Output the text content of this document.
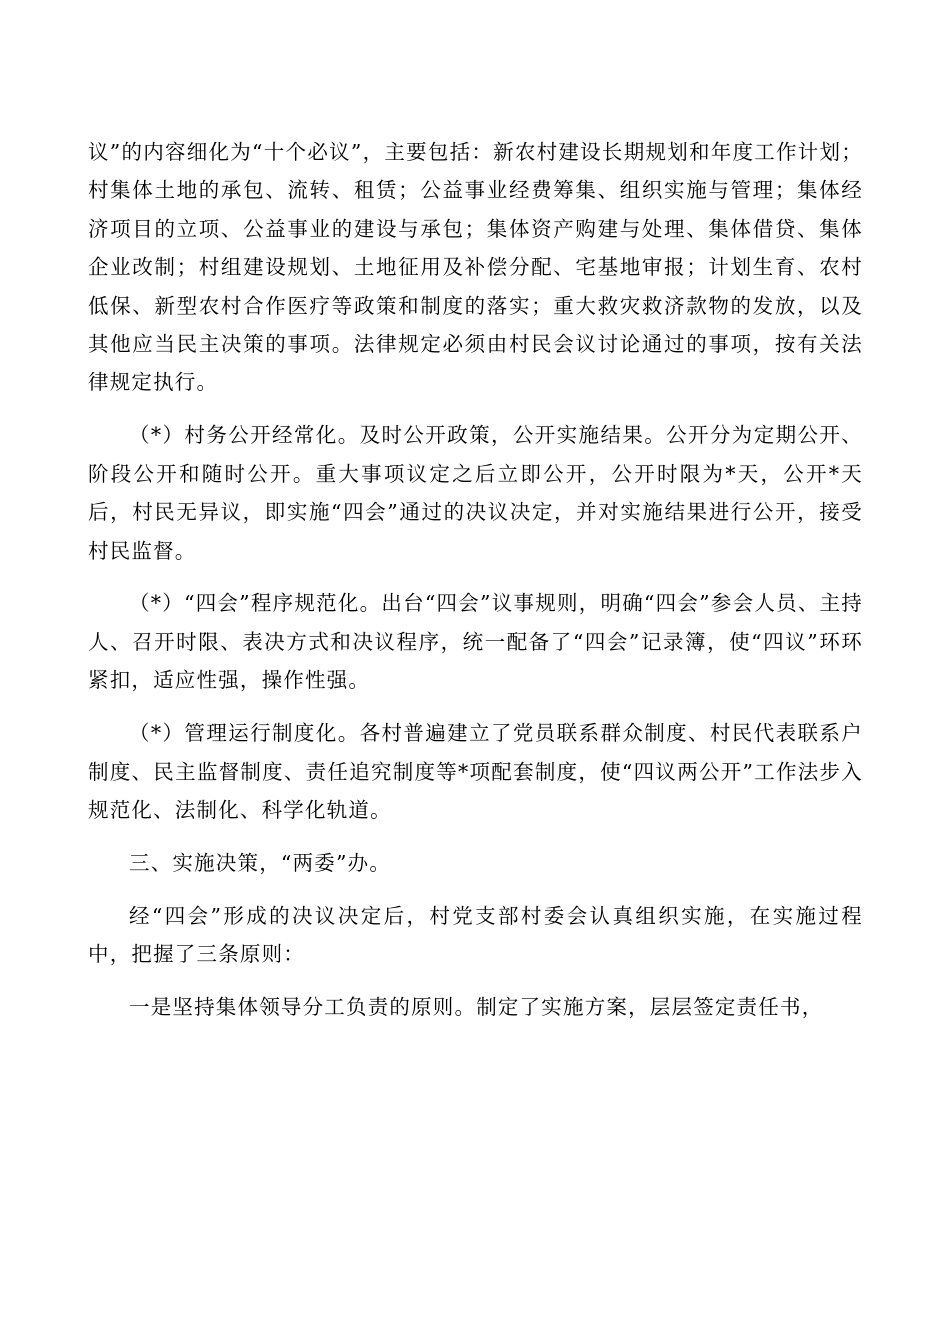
议”的内容细化为“十个必议”，主要包括：新农村建设长期规划和年度工作计划；村集体土地的承包、流转、租赁；公益事业经费筹集、组织实施与管理；集体经济项目的立项、公益事业的建设与承包；集体资产购建与处理、集体借贷、集体企业改制；村组建设规划、土地征用及补偿分配、宅基地审报；计划生育、农村低保、新型农村合作医疗等政策和制度的落实；重大救灾救济款物的发放，以及其他应当民主决策的事项。法律规定必须由村民会议讨论通过的事项，按有关法律规定执行。

（*）村务公开经常化。及时公开政策，公开实施结果。公开分为定期公开、阶段公开和随时公开。重大事项议定之后立即公开，公开时限为*天，公开*天后，村民无异议，即实施“四会”通过的决议决定，并对实施结果进行公开，接受村民监督。

（*）“四会”程序规范化。出台“四会”议事规则，明确“四会”参会人员、主持人、召开时限、表决方式和决议程序，统一配备了“四会”记录簿，使“四议”环环紧扣，适应性强，操作性强。

（*）管理运行制度化。各村普遍建立了党员联系群众制度、村民代表联系户制度、民主监督制度、责任追究制度等*项配套制度，使“四议两公开”工作法步入规范化、法制化、科学化轨道。

三、实施决策，“两委”办。

经“四会”形成的决议决定后，村党支部村委会认真组织实施，在实施过程中，把握了三条原则：

一是坚持集体领导分工负责的原则。制定了实施方案，层层签定责任书，
